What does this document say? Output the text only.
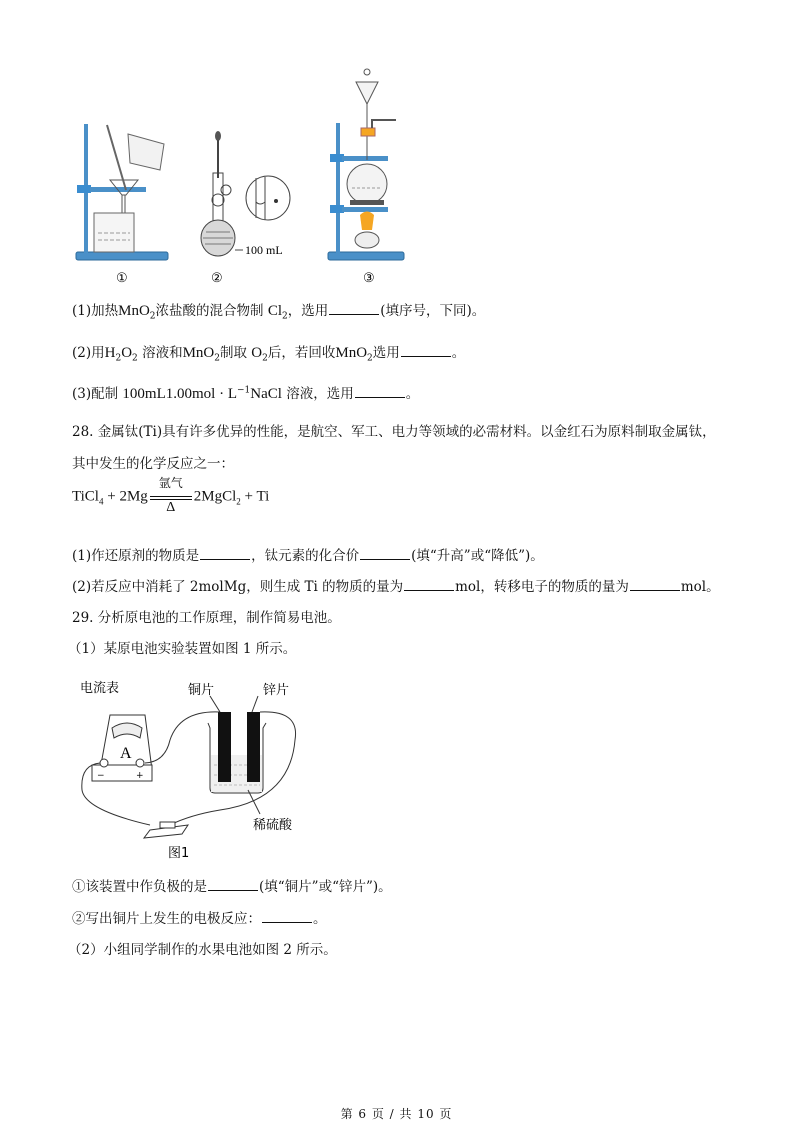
①
100 mL
②	③
(1)加热MnO$_2$浓盐酸的混合物制 $Cl_2$，选用	(填序号，下同)。
(2)用$H_2O_2$ 溶液和MnO$_2$制取 $O_2$后，若回收MnO$_2$选用	。
(3)配制 $100mL1.00mol \cdot L^{-1}NaCl$ 溶液，选用	。
28. 金属钛(Ti)具有许多优异的性能，是航空、军工、电力等领域的必需材料。以金红石为原料制取金属钛，
其中发生的化学反应之一：
TiCl$_4$ + 2Mg
氩气
Δ
2MgCl$_2$ + Ti
(1)作还原剂的物质是	，钛元素的化合价	(填“升高”或“降低”)。
(2)若反应中消耗了 2molMg，则生成 Ti 的物质的量为	mol，转移电子的物质的量为	mol。
29. 分析原电池的工作原理，制作简易电池。
（1）某原电池实验装置如图 1 所示。
电流表
A
−	+
铜片	锌片
稀硫酸
图1
①该装置中作负极的是	(填“铜片”或“锌片”)。
②写出铜片上发生的电极反应：	。
（2）小组同学制作的水果电池如图 2 所示。
第 6 页 / 共 10 页
